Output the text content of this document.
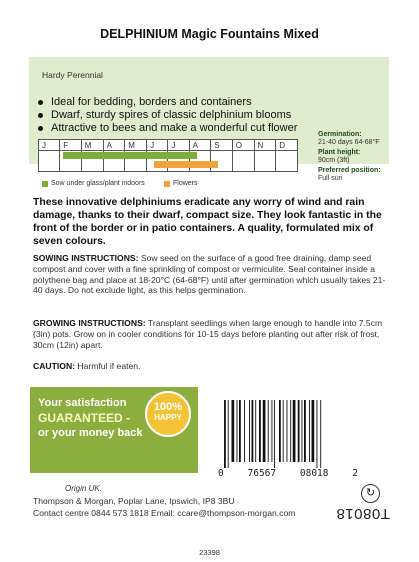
DELPHINIUM Magic Fountains Mixed
Hardy Perennial
Ideal for bedding, borders and containers
Dwarf, sturdy spires of classic delphinium blooms
Attractive to bees and make a wonderful cut flower
J	F	M	A	M	J	J	A	S	O	N	D

Sow under glass/plant indoors	Flowers
Germination:
21-40 days 64-68°F
Plant height:
90cm (3ft)
Preferred position:
Full sun
These innovative delphiniums eradicate any worry of wind and rain damage, thanks to their dwarf, compact size. They look fantastic in the front of the border or in patio containers. A quality, formulated mix of seven colours.
SOWING INSTRUCTIONS: Sow seed on the surface of a good free draining, damp seed compost and cover with a fine sprinkling of compost or vermiculite. Seal container inside a polythene bag and place at 18-20°C (64-68°F) until after germination which usually takes 21-40 days. Do not exclude light, as this helps germination.
GROWING INSTRUCTIONS: Transplant seedlings when large enough to handle into 7.5cm (3in) pots. Grow on in cooler conditions for 10-15 days before planting out after risk of frost, 30cm (12in) apart.
CAUTION: Harmful if eaten.
Your satisfaction
GUARANTEED -
or your money back
100%
HAPPY
0	76567	08018	2
↻
T08018
Origin UK.
Thompson & Morgan, Poplar Lane, Ipswich, IP8 3BU
Contact centre 0844 573 1818 Email: ccare@thompson-morgan.com
23398
